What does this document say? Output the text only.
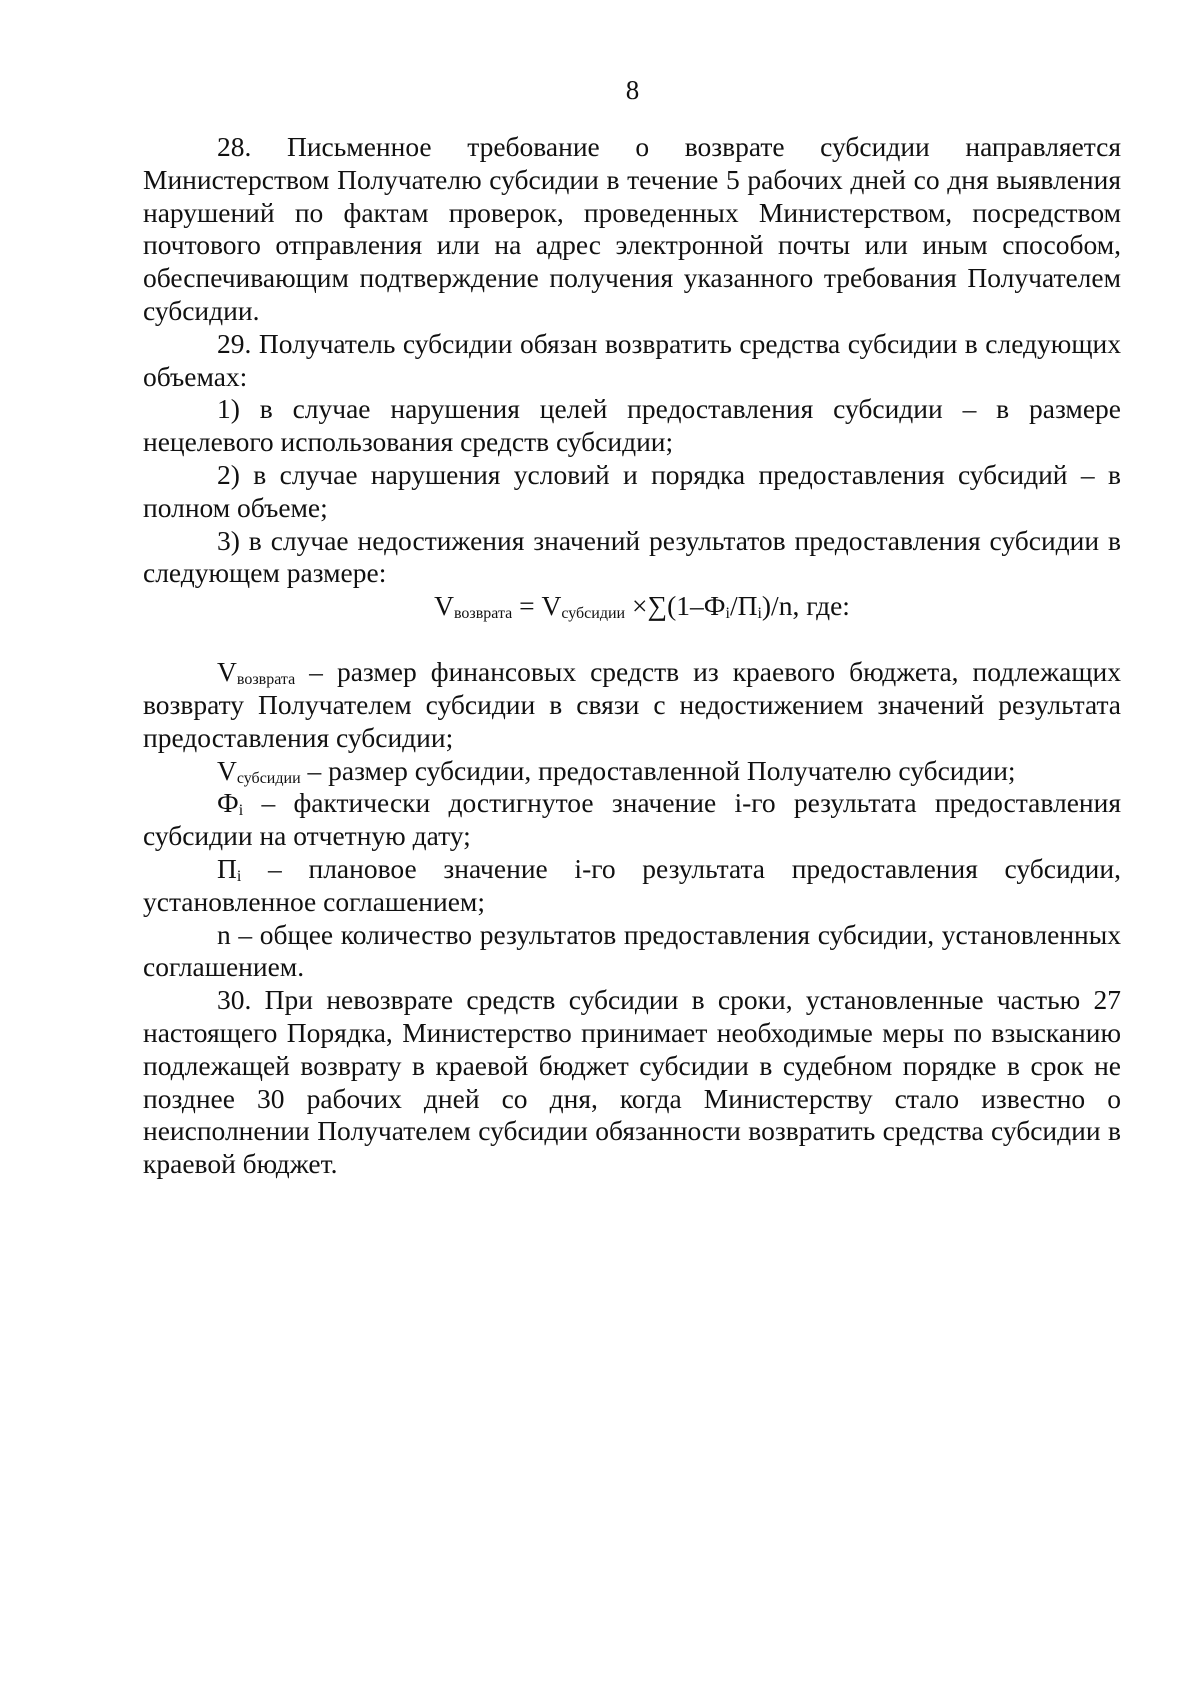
8

28. Письменное требование о возврате субсидии направляется Министерством Получателю субсидии в течение 5 рабочих дней со дня выявления нарушений по фактам проверок, проведенных Министерством, посредством почтового отправления или на адрес электронной почты или иным способом, обеспечивающим подтверждение получения указанного требования Получателем субсидии.

29. Получатель субсидии обязан возвратить средства субсидии в следующих объемах:

1) в случае нарушения целей предоставления субсидии – в размере нецелевого использования средств субсидии;

2) в случае нарушения условий и порядка предоставления субсидий – в полном объеме;

3) в случае недостижения значений результатов предоставления субсидии в следующем размере:

$V_{возврата} = V_{субсидии} \times\sum(1-Ф_i/П_i)/n$, где:

$V_{возврата}$ – размер финансовых средств из краевого бюджета, подлежащих возврату Получателем субсидии в связи с недостижением значений результата предоставления субсидии;

$V_{субсидии}$ – размер субсидии, предоставленной Получателю субсидии;

$Ф_i$ – фактически достигнутое значение i-го результата предоставления субсидии на отчетную дату;

$П_i$ – плановое значение i-го результата предоставления субсидии, установленное соглашением;

n – общее количество результатов предоставления субсидии, установленных соглашением.

30. При невозврате средств субсидии в сроки, установленные частью 27 настоящего Порядка, Министерство принимает необходимые меры по взысканию подлежащей возврату в краевой бюджет субсидии в судебном порядке в срок не позднее 30 рабочих дней со дня, когда Министерству стало известно о неисполнении Получателем субсидии обязанности возвратить средства субсидии в краевой бюджет.
